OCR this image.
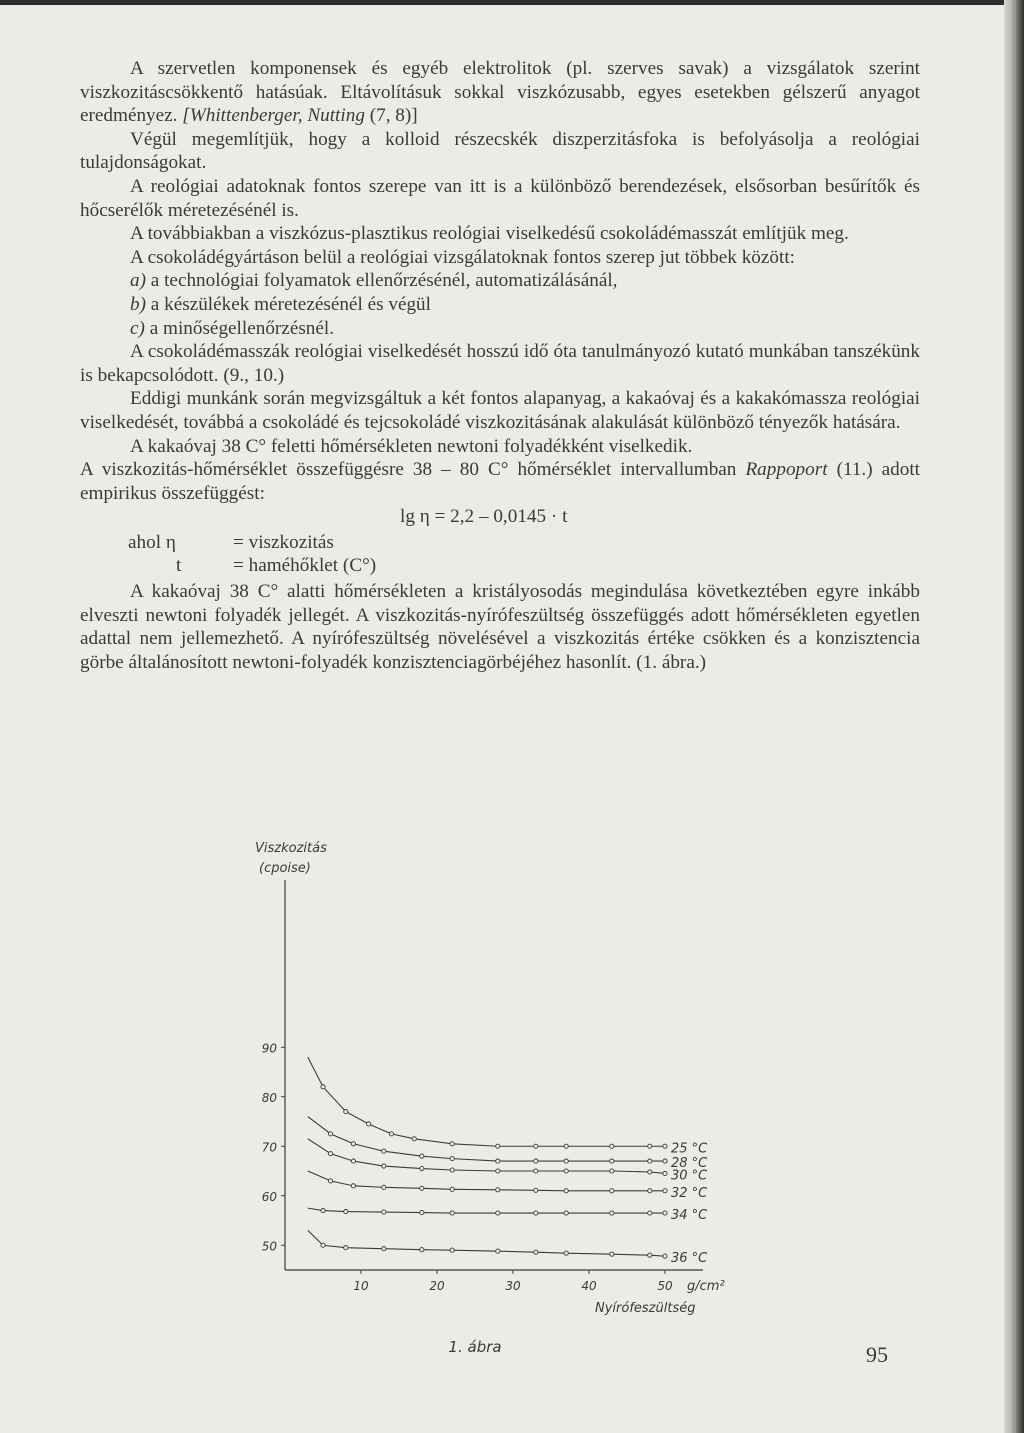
A szervetlen komponensek és egyéb elektrolitok (pl. szerves savak) a vizsgálatok szerint viszkozitáscsökkentő hatásúak. Eltávolításuk sokkal viszkózusabb, egyes esetekben gélszerű anyagot eredményez. [Whittenberger, Nutting (7, 8)]

Végül megemlítjük, hogy a kolloid részecskék diszperzitásfoka is befolyásolja a reológiai tulajdonságokat.

A reológiai adatoknak fontos szerepe van itt is a különböző berendezések, elsősorban besűrítők és hőcserélők méretezésénél is.

A továbbiakban a viszkózus-plasztikus reológiai viselkedésű csokoládémasszát említjük meg.

A csokoládégyártáson belül a reológiai vizsgálatoknak fontos szerep jut többek között:

a) a technológiai folyamatok ellenőrzésénél, automatizálásánál,

b) a készülékek méretezésénél és végül

c) a minőségellenőrzésnél.

A csokoládémasszák reológiai viselkedését hosszú idő óta tanulmányozó kutató munkában tanszékünk is bekapcsolódott. (9., 10.)

Eddigi munkánk során megvizsgáltuk a két fontos alapanyag, a kakaóvaj és a kakakómassza reológiai viselkedését, továbbá a csokoládé és tejcsokoládé viszkozitásának alakulását különböző tényezők hatására.

A kakaóvaj 38 C° feletti hőmérsékleten newtoni folyadékként viselkedik.

A viszkozitás-hőmérséklet összefüggésre 38 – 80 C° hőmérséklet intervallumban Rappoport (11.) adott empirikus összefüggést:

lg η = 2,2 – 0,0145 · t

ahol η	= viszkozitás
t	= haméhőklet (C°)

A kakaóvaj 38 C° alatti hőmérsékleten a kristályosodás megindulása következtében egyre inkább elveszti newtoni folyadék jellegét. A viszkozitás-nyírófeszültség összefüggés adott hőmérsékleten egyetlen adattal nem jellemezhető. A nyírófeszültség növelésével a viszkozitás értéke csökken és a konzisztencia görbe általánosított newtoni-folyadék konzisztenciagörbéjéhez hasonlít. (1. ábra.)

90
80
70
60
50
10	20	30	40	50
Viszkozitás
(cpoise)
g/cm²
Nyírófeszültség
1. ábra
25 °C
28 °C
30 °C
32 °C
34 °C
36 °C
95
